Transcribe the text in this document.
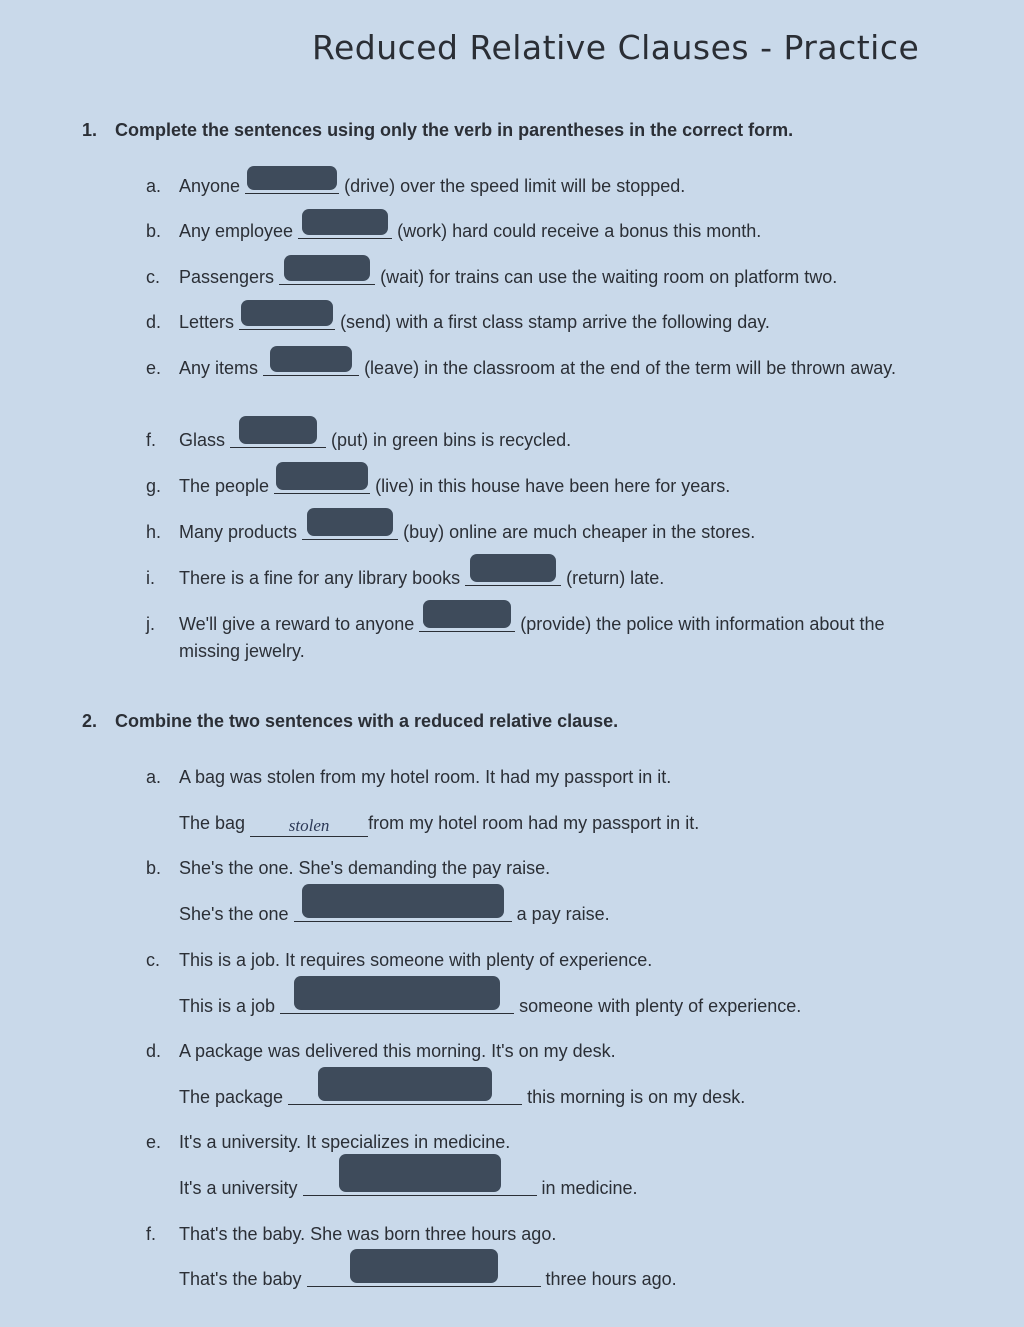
Reduced Relative Clauses - Practice
1. Complete the sentences using only the verb in parentheses in the correct form.
a. Anyone	(drive) over the speed limit will be stopped.
b. Any employee	(work) hard could receive a bonus this month.
c. Passengers	(wait) for trains can use the waiting room on platform two.
d. Letters	(send) with a first class stamp arrive the following day.
e. Any items	(leave) in the classroom at the end of the term will be thrown away.
f. Glass	(put) in green bins is recycled.
g. The people	(live) in this house have been here for years.
h. Many products	(buy) online are much cheaper in the stores.
i. There is a fine for any library books	(return) late.
j. We'll give a reward to anyone	(provide) the police with information about the missing jewelry.
2. Combine the two sentences with a reduced relative clause.
a. A bag was stolen from my hotel room. It had my passport in it.
The bag	stolen	from my hotel room had my passport in it.
b. She's the one. She's demanding the pay raise.
She's the one	a pay raise.
c. This is a job. It requires someone with plenty of experience.
This is a job	someone with plenty of experience.
d. A package was delivered this morning. It's on my desk.
The package	this morning is on my desk.
e. It's a university. It specializes in medicine.
It's a university	in medicine.
f. That's the baby. She was born three hours ago.
That's the baby	three hours ago.
